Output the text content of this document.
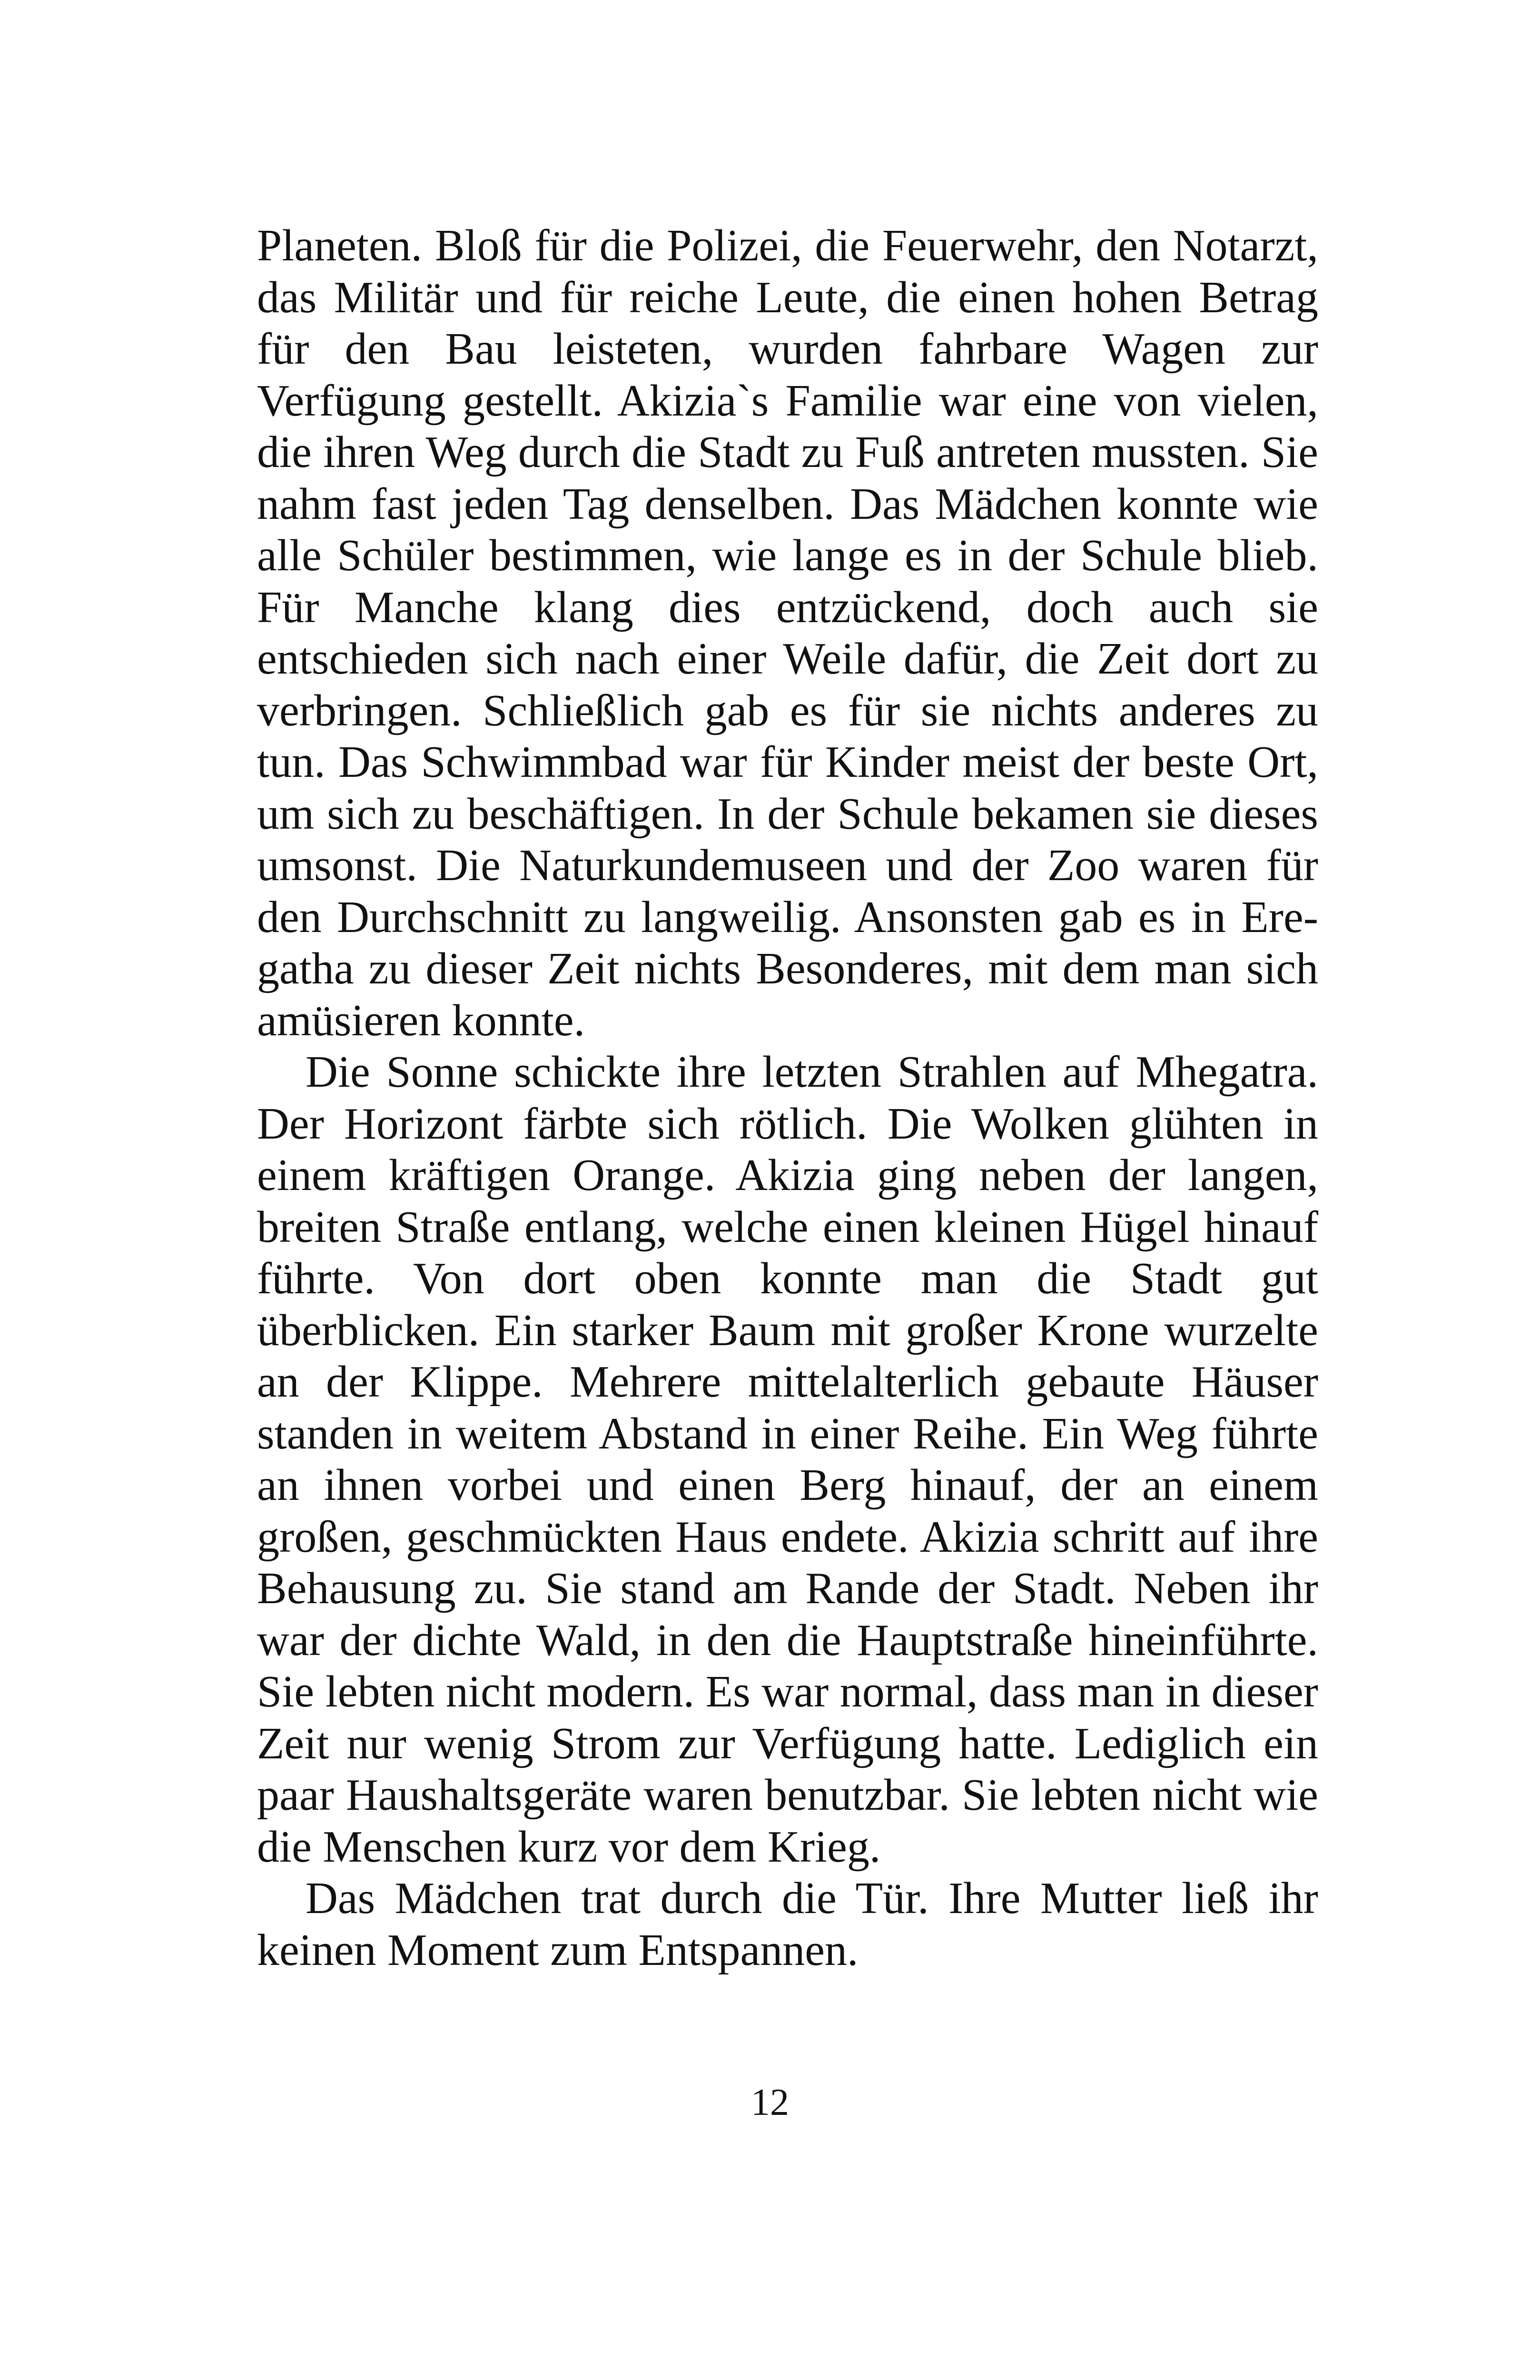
Planeten. Bloß für die Polizei, die Feuerwehr, den Notarzt, das Militär und für reiche Leute, die einen hohen Betrag für den Bau leisteten, wurden fahrbare Wagen zur Verfügung gestellt. Akizia`s Familie war eine von vielen, die ihren Weg durch die Stadt zu Fuß antreten mussten. Sie nahm fast jeden Tag denselben. Das Mädchen konnte wie alle Schüler bestimmen, wie lange es in der Schule blieb. Für Manche klang dies entzückend, doch auch sie entschieden sich nach einer Weile dafür, die Zeit dort zu verbringen. Schließlich gab es für sie nichts anderes zu tun. Das Schwimmbad war für Kinder meist der beste Ort, um sich zu beschäftigen. In der Schule bekamen sie dieses umsonst. Die Naturkundemuseen und der Zoo waren für den Durchschnitt zu langweilig. Ansonsten gab es in Eregatha zu dieser Zeit nichts Besonderes, mit dem man sich amüsieren konnte.

Die Sonne schickte ihre letzten Strahlen auf Mhegatra. Der Horizont färbte sich rötlich. Die Wolken glühten in einem kräftigen Orange. Akizia ging neben der langen, breiten Straße entlang, welche einen kleinen Hügel hinauf führte. Von dort oben konnte man die Stadt gut überblicken. Ein starker Baum mit großer Krone wurzelte an der Klippe. Mehrere mittelalterlich gebaute Häuser standen in weitem Abstand in einer Reihe. Ein Weg führte an ihnen vorbei und einen Berg hinauf, der an einem großen, geschmückten Haus endete. Akizia schritt auf ihre Behausung zu. Sie stand am Rande der Stadt. Neben ihr war der dichte Wald, in den die Hauptstraße hineinführte. Sie lebten nicht modern. Es war normal, dass man in dieser Zeit nur wenig Strom zur Verfügung hatte. Lediglich ein paar Haushaltsgeräte waren benutzbar. Sie lebten nicht wie die Menschen kurz vor dem Krieg.

Das Mädchen trat durch die Tür. Ihre Mutter ließ ihr keinen Moment zum Entspannen.

12
